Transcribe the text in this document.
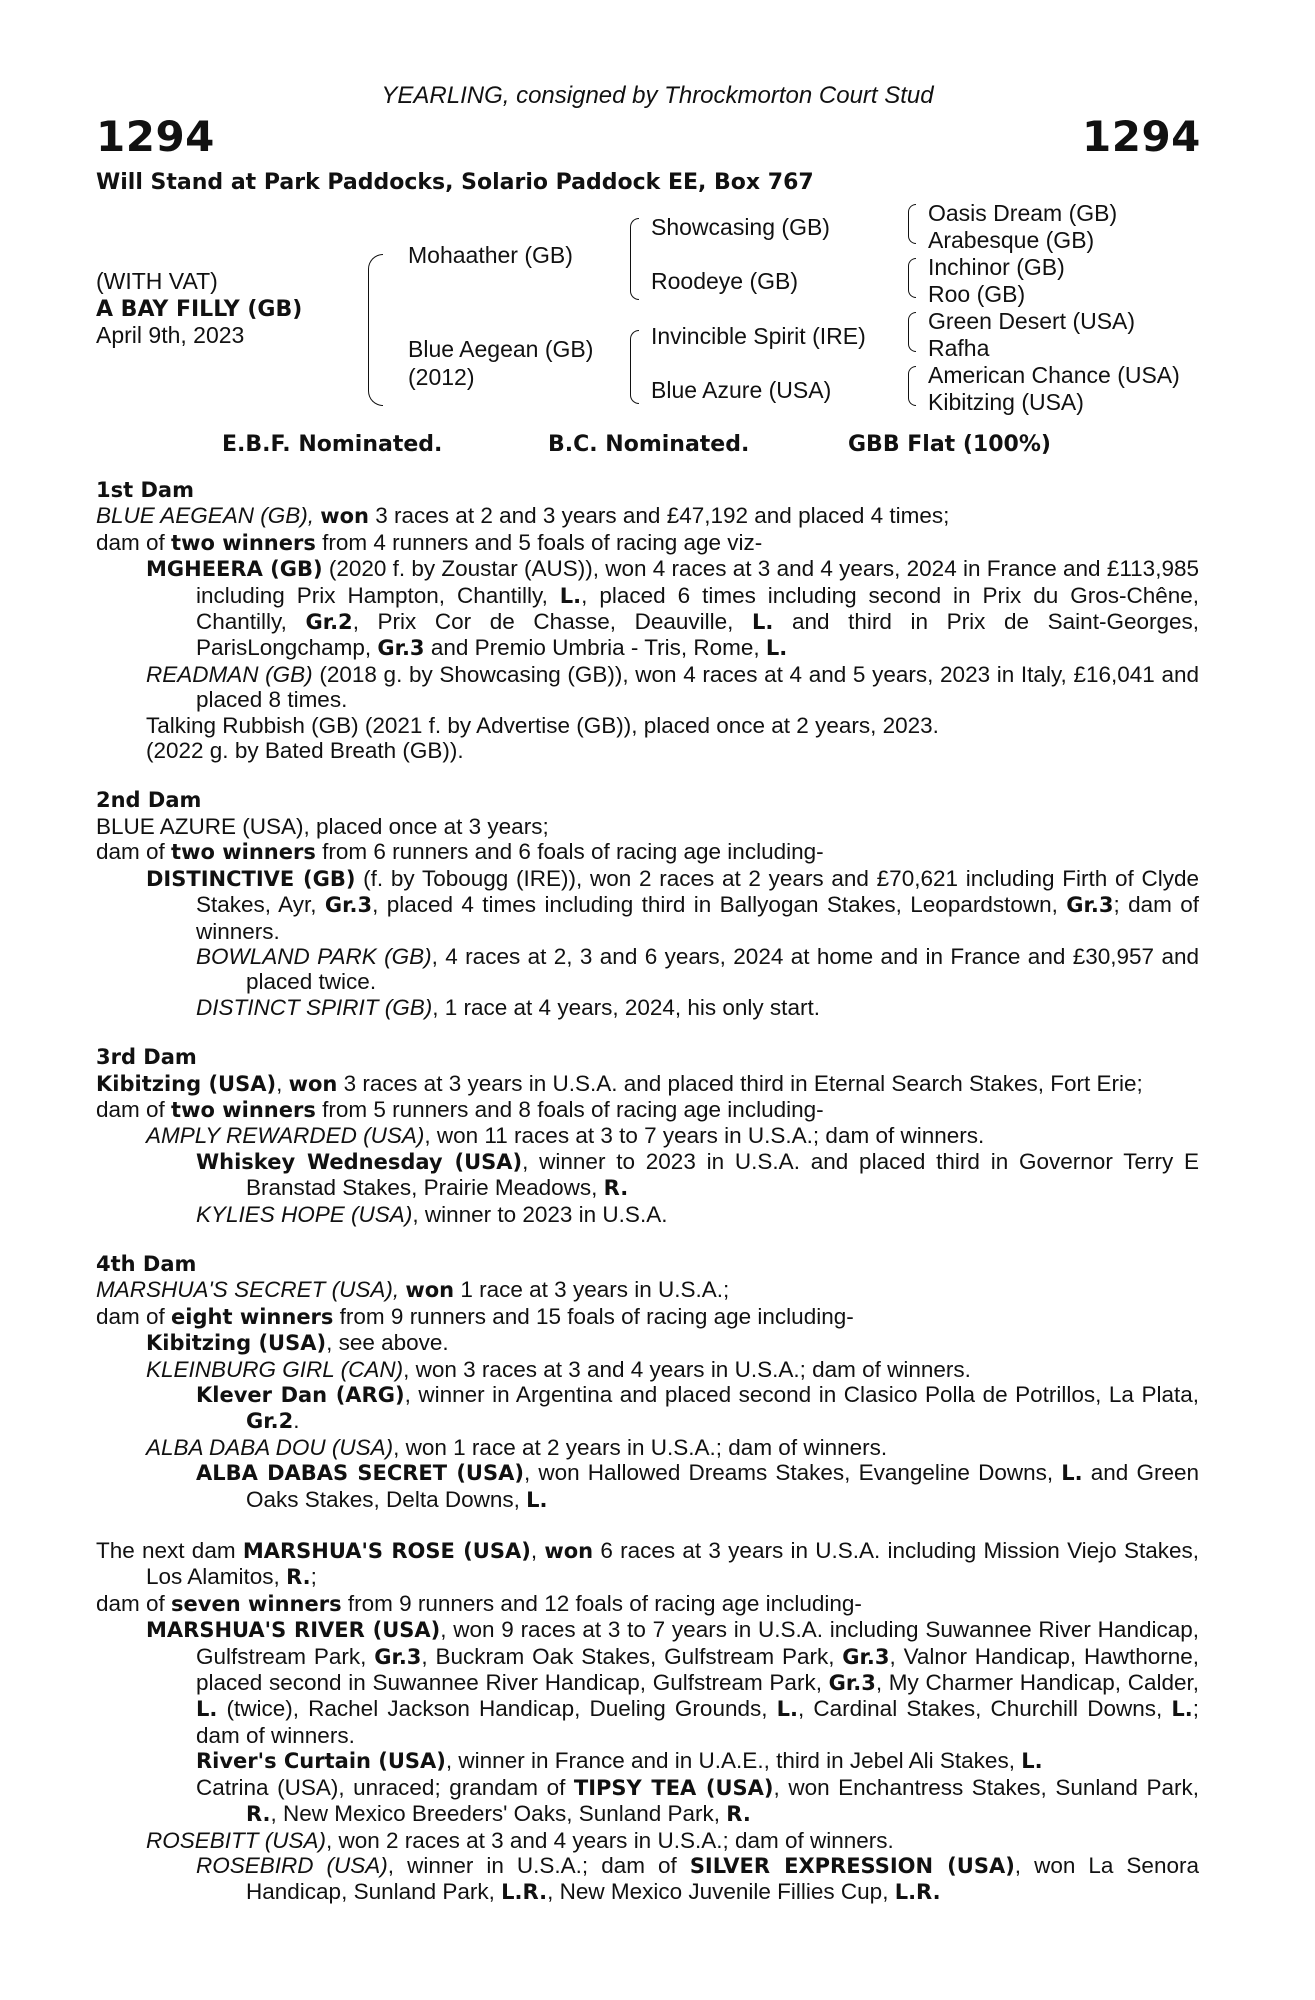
YEARLING, consigned by Throckmorton Court Stud
1294	1294
Will Stand at Park Paddocks, Solario Paddock EE, Box 767
(WITH VAT)
A BAY FILLY (GB)
April 9th, 2023
Mohaather (GB)
Blue Aegean (GB)
(2012)
Showcasing (GB)
Roodeye (GB)
Invincible Spirit (IRE)
Blue Azure (USA)
Oasis Dream (GB)
Arabesque (GB)
Inchinor (GB)
Roo (GB)
Green Desert (USA)
Rafha
American Chance (USA)
Kibitzing (USA)
E.B.F. Nominated.	B.C. Nominated.	GBB Flat (100%)
1st Dam
BLUE AEGEAN (GB), won 3 races at 2 and 3 years and £47,192 and placed 4 times;
dam of two winners from 4 runners and 5 foals of racing age viz-
MGHEERA (GB) (2020 f. by Zoustar (AUS)), won 4 races at 3 and 4 years, 2024 in France and £113,985 including Prix Hampton, Chantilly, L., placed 6 times including second in Prix du Gros-Chêne, Chantilly, Gr.2, Prix Cor de Chasse, Deauville, L. and third in Prix de Saint-Georges, ParisLongchamp, Gr.3 and Premio Umbria - Tris, Rome, L.
READMAN (GB) (2018 g. by Showcasing (GB)), won 4 races at 4 and 5 years, 2023 in Italy, £16,041 and placed 8 times.
Talking Rubbish (GB) (2021 f. by Advertise (GB)), placed once at 2 years, 2023.
(2022 g. by Bated Breath (GB)).
2nd Dam
BLUE AZURE (USA), placed once at 3 years;
dam of two winners from 6 runners and 6 foals of racing age including-
DISTINCTIVE (GB) (f. by Tobougg (IRE)), won 2 races at 2 years and £70,621 including Firth of Clyde Stakes, Ayr, Gr.3, placed 4 times including third in Ballyogan Stakes, Leopardstown, Gr.3; dam of winners.
BOWLAND PARK (GB), 4 races at 2, 3 and 6 years, 2024 at home and in France and £30,957 and placed twice.
DISTINCT SPIRIT (GB), 1 race at 4 years, 2024, his only start.
3rd Dam
Kibitzing (USA), won 3 races at 3 years in U.S.A. and placed third in Eternal Search Stakes, Fort Erie;
dam of two winners from 5 runners and 8 foals of racing age including-
AMPLY REWARDED (USA), won 11 races at 3 to 7 years in U.S.A.; dam of winners.
Whiskey Wednesday (USA), winner to 2023 in U.S.A. and placed third in Governor Terry E Branstad Stakes, Prairie Meadows, R.
KYLIES HOPE (USA), winner to 2023 in U.S.A.
4th Dam
MARSHUA'S SECRET (USA), won 1 race at 3 years in U.S.A.;
dam of eight winners from 9 runners and 15 foals of racing age including-
Kibitzing (USA), see above.
KLEINBURG GIRL (CAN), won 3 races at 3 and 4 years in U.S.A.; dam of winners.
Klever Dan (ARG), winner in Argentina and placed second in Clasico Polla de Potrillos, La Plata, Gr.2.
ALBA DABA DOU (USA), won 1 race at 2 years in U.S.A.; dam of winners.
ALBA DABAS SECRET (USA), won Hallowed Dreams Stakes, Evangeline Downs, L. and Green Oaks Stakes, Delta Downs, L.
The next dam MARSHUA'S ROSE (USA), won 6 races at 3 years in U.S.A. including Mission Viejo Stakes, Los Alamitos, R.;
dam of seven winners from 9 runners and 12 foals of racing age including-
MARSHUA'S RIVER (USA), won 9 races at 3 to 7 years in U.S.A. including Suwannee River Handicap, Gulfstream Park, Gr.3, Buckram Oak Stakes, Gulfstream Park, Gr.3, Valnor Handicap, Hawthorne, placed second in Suwannee River Handicap, Gulfstream Park, Gr.3, My Charmer Handicap, Calder, L. (twice), Rachel Jackson Handicap, Dueling Grounds, L., Cardinal Stakes, Churchill Downs, L.; dam of winners.
River's Curtain (USA), winner in France and in U.A.E., third in Jebel Ali Stakes, L.
Catrina (USA), unraced; grandam of TIPSY TEA (USA), won Enchantress Stakes, Sunland Park, R., New Mexico Breeders' Oaks, Sunland Park, R.
ROSEBITT (USA), won 2 races at 3 and 4 years in U.S.A.; dam of winners.
ROSEBIRD (USA), winner in U.S.A.; dam of SILVER EXPRESSION (USA), won La Senora Handicap, Sunland Park, L.R., New Mexico Juvenile Fillies Cup, L.R.
